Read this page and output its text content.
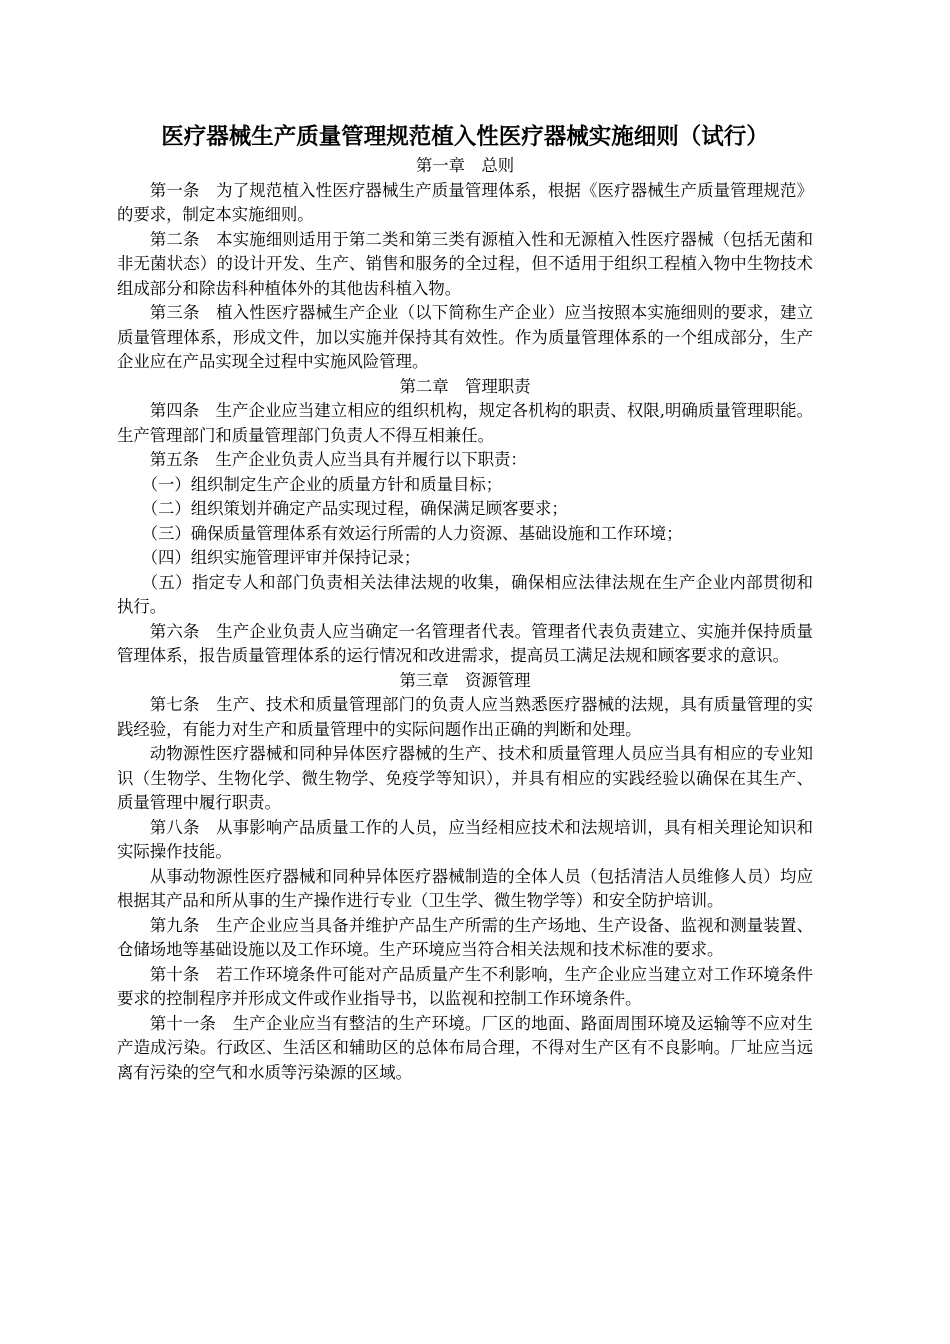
医疗器械生产质量管理规范植入性医疗器械实施细则（试行）
第一章　总则

第一条　为了规范植入性医疗器械生产质量管理体系，根据《医疗器械生产质量管理规范》的要求，制定本实施细则。

第二条　本实施细则适用于第二类和第三类有源植入性和无源植入性医疗器械（包括无菌和非无菌状态）的设计开发、生产、销售和服务的全过程，但不适用于组织工程植入物中生物技术组成部分和除齿科种植体外的其他齿科植入物。

第三条　植入性医疗器械生产企业（以下简称生产企业）应当按照本实施细则的要求，建立质量管理体系，形成文件，加以实施并保持其有效性。作为质量管理体系的一个组成部分，生产企业应在产品实现全过程中实施风险管理。

第二章　管理职责

第四条　生产企业应当建立相应的组织机构，规定各机构的职责、权限,明确质量管理职能。生产管理部门和质量管理部门负责人不得互相兼任。

第五条　生产企业负责人应当具有并履行以下职责：

（一）组织制定生产企业的质量方针和质量目标；

（二）组织策划并确定产品实现过程，确保满足顾客要求；

（三）确保质量管理体系有效运行所需的人力资源、基础设施和工作环境；

（四）组织实施管理评审并保持记录；

（五）指定专人和部门负责相关法律法规的收集，确保相应法律法规在生产企业内部贯彻和执行。

第六条　生产企业负责人应当确定一名管理者代表。管理者代表负责建立、实施并保持质量管理体系，报告质量管理体系的运行情况和改进需求，提高员工满足法规和顾客要求的意识。

第三章　资源管理

第七条　生产、技术和质量管理部门的负责人应当熟悉医疗器械的法规，具有质量管理的实践经验，有能力对生产和质量管理中的实际问题作出正确的判断和处理。

动物源性医疗器械和同种异体医疗器械的生产、技术和质量管理人员应当具有相应的专业知识（生物学、生物化学、微生物学、免疫学等知识），并具有相应的实践经验以确保在其生产、质量管理中履行职责。

第八条　从事影响产品质量工作的人员，应当经相应技术和法规培训，具有相关理论知识和实际操作技能。

从事动物源性医疗器械和同种异体医疗器械制造的全体人员（包括清洁人员维修人员）均应根据其产品和所从事的生产操作进行专业（卫生学、微生物学等）和安全防护培训。

第九条　生产企业应当具备并维护产品生产所需的生产场地、生产设备、监视和测量装置、仓储场地等基础设施以及工作环境。生产环境应当符合相关法规和技术标准的要求。

第十条　若工作环境条件可能对产品质量产生不利影响，生产企业应当建立对工作环境条件要求的控制程序并形成文件或作业指导书，以监视和控制工作环境条件。

第十一条　生产企业应当有整洁的生产环境。厂区的地面、路面周围环境及运输等不应对生产造成污染。行政区、生活区和辅助区的总体布局合理，不得对生产区有不良影响。厂址应当远离有污染的空气和水质等污染源的区域。
